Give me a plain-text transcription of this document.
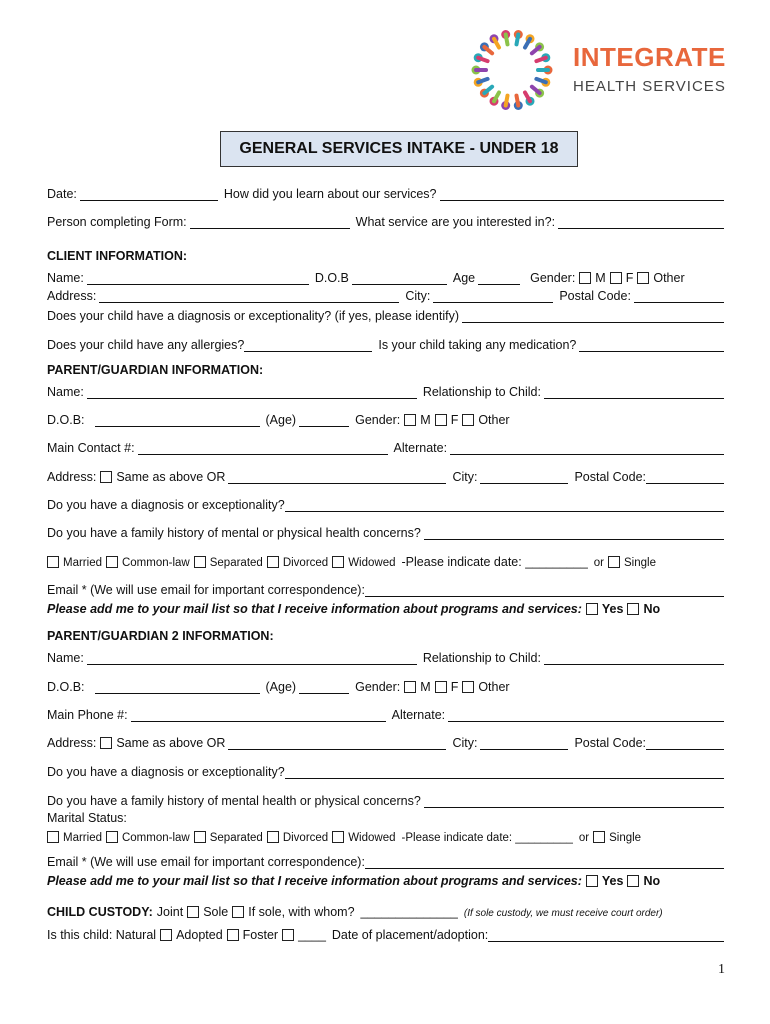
INTEGRATE
HEALTH SERVICES
GENERAL SERVICES INTAKE - UNDER 18
Date:	How did you learn about our services?
Person completing Form:	What service are you interested in?:
CLIENT INFORMATION:
Name:	D.O.B	Age	Gender: M F Other
Address:	City:	Postal Code:
Does your child have a diagnosis or exceptionality? (if yes, please identify)
Does your child have any allergies?	Is your child taking any medication?
PARENT/GUARDIAN INFORMATION:
Name:	Relationship to Child:
D.O.B:	(Age)	Gender: M F Other
Main Contact #:	Alternate:
Address: Same as above OR	City:	Postal Code:
Do you have a diagnosis or exceptionality?
Do you have a family history of mental or physical health concerns?
Married Common-law Separated Divorced Widowed -Please indicate date: _________ or Single
Email * (We will use email for important correspondence):
Please add me to your mail list so that I receive information about programs and services: Yes No
PARENT/GUARDIAN 2 INFORMATION:
Name:	Relationship to Child:
D.O.B:	(Age)	Gender: M F Other
Main Phone #:	Alternate:
Address: Same as above OR	City:	Postal Code:
Do you have a diagnosis or exceptionality?
Do you have a family history of mental health or physical concerns?
Marital Status:
Married Common-law Separated Divorced Widowed -Please indicate date: _________ or Single
Email * (We will use email for important correspondence):
Please add me to your mail list so that I receive information about programs and services: Yes No
CHILD CUSTODY: Joint Sole If sole, with whom? ______________ (If sole custody, we must receive court order)
Is this child: Natural Adopted Foster ____ Date of placement/adoption:
1
